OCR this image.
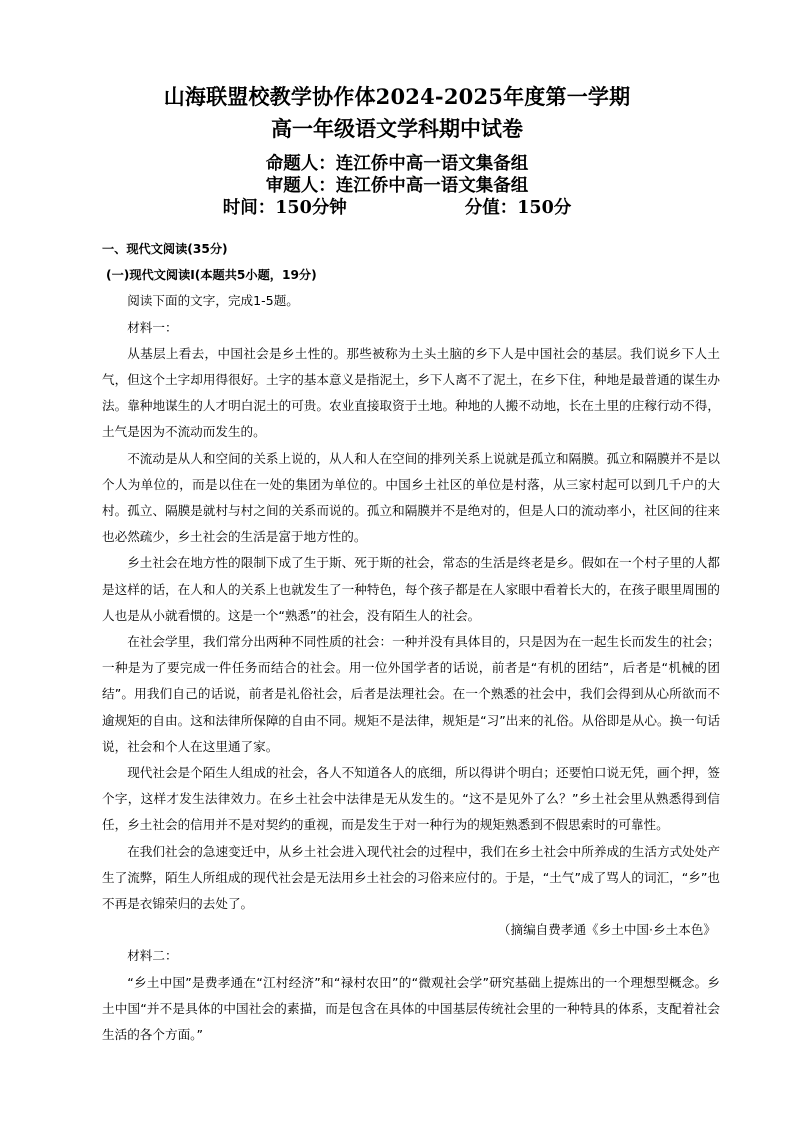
山海联盟校教学协作体2024-2025年度第一学期
高一年级语文学科期中试卷
命题人：连江侨中高一语文集备组
审题人：连江侨中高一语文集备组
时间：150分钟	分值：150分

一、现代文阅读(35分)

(一)现代文阅读Ⅰ(本题共5小题，19分)

阅读下面的文字，完成1-5题。

材料一：

从基层上看去，中国社会是乡土性的。那些被称为土头土脑的乡下人是中国社会的基层。我们说乡下人土气，但这个土字却用得很好。土字的基本意义是指泥土，乡下人离不了泥土，在乡下住，种地是最普通的谋生办法。靠种地谋生的人才明白泥土的可贵。农业直接取资于土地。种地的人搬不动地，长在土里的庄稼行动不得，土气是因为不流动而发生的。

不流动是从人和空间的关系上说的，从人和人在空间的排列关系上说就是孤立和隔膜。孤立和隔膜并不是以个人为单位的，而是以住在一处的集团为单位的。中国乡土社区的单位是村落，从三家村起可以到几千户的大村。孤立、隔膜是就村与村之间的关系而说的。孤立和隔膜并不是绝对的，但是人口的流动率小，社区间的往来也必然疏少，乡土社会的生活是富于地方性的。

乡土社会在地方性的限制下成了生于斯、死于斯的社会，常态的生活是终老是乡。假如在一个村子里的人都是这样的话，在人和人的关系上也就发生了一种特色，每个孩子都是在人家眼中看着长大的，在孩子眼里周围的人也是从小就看惯的。这是一个“熟悉”的社会，没有陌生人的社会。

在社会学里，我们常分出两种不同性质的社会：一种并没有具体目的，只是因为在一起生长而发生的社会；一种是为了要完成一件任务而结合的社会。用一位外国学者的话说，前者是“有机的团结”，后者是“机械的团结”。用我们自己的话说，前者是礼俗社会，后者是法理社会。在一个熟悉的社会中，我们会得到从心所欲而不逾规矩的自由。这和法律所保障的自由不同。规矩不是法律，规矩是“习”出来的礼俗。从俗即是从心。换一句话说，社会和个人在这里通了家。

现代社会是个陌生人组成的社会，各人不知道各人的底细，所以得讲个明白；还要怕口说无凭，画个押，签个字，这样才发生法律效力。在乡土社会中法律是无从发生的。“这不是见外了么？”乡土社会里从熟悉得到信任，乡土社会的信用并不是对契约的重视，而是发生于对一种行为的规矩熟悉到不假思索时的可靠性。

在我们社会的急速变迁中，从乡土社会进入现代社会的过程中，我们在乡土社会中所养成的生活方式处处产生了流弊，陌生人所组成的现代社会是无法用乡土社会的习俗来应付的。于是，“土气”成了骂人的词汇，“乡”也不再是衣锦荣归的去处了。

（摘编自费孝通《乡土中国·乡土本色》

材料二：

“乡土中国”是费孝通在“江村经济”和“禄村农田”的“微观社会学”研究基础上提炼出的一个理想型概念。乡土中国“并不是具体的中国社会的素描，而是包含在具体的中国基层传统社会里的一种特具的体系，支配着社会生活的各个方面。”
